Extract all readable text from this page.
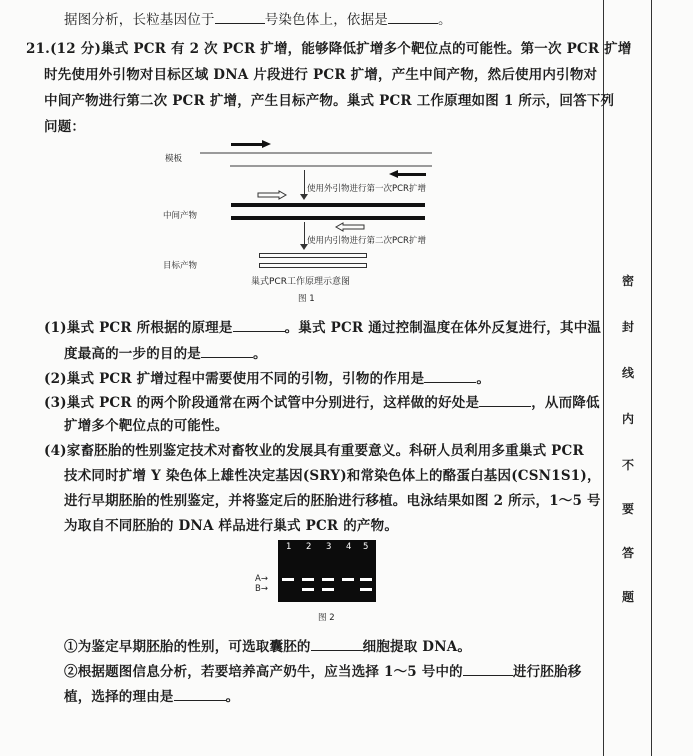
密
封
线
内
不
要
答
题
据图分析，长粒基因位于	号染色体上，依据是	。
21.(12 分)巢式 PCR 有 2 次 PCR 扩增，能够降低扩增多个靶位点的可能性。第一次 PCR 扩增
时先使用外引物对目标区域 DNA 片段进行 PCR 扩增，产生中间产物，然后使用内引物对
中间产物进行第二次 PCR 扩增，产生目标产物。巢式 PCR 工作原理如图 1 所示，回答下列
问题：
模板
中间产物
目标产物
使用外引物进行第一次PCR扩增
使用内引物进行第二次PCR扩增
巢式PCR工作原理示意图
图 1
(1)巢式 PCR 所根据的原理是	。巢式 PCR 通过控制温度在体外反复进行，其中温
度最高的一步的目的是	。
(2)巢式 PCR 扩增过程中需要使用不同的引物，引物的作用是	。
(3)巢式 PCR 的两个阶段通常在两个试管中分别进行，这样做的好处是	，从而降低
扩增多个靶位点的可能性。
(4)家畜胚胎的性别鉴定技术对畜牧业的发展具有重要意义。科研人员利用多重巢式 PCR
技术同时扩增 Y 染色体上雄性决定基因(SRY)和常染色体上的酪蛋白基因(CSN1S1)，
进行早期胚胎的性别鉴定，并将鉴定后的胚胎进行移植。电泳结果如图 2 所示，1～5 号
为取自不同胚胎的 DNA 样品进行巢式 PCR 的产物。
1 2 3 4 5
A→
B→
图 2
①为鉴定早期胚胎的性别，可选取囊胚的	细胞提取 DNA。
②根据题图信息分析，若要培养高产奶牛，应当选择 1～5 号中的	进行胚胎移
植，选择的理由是	。
